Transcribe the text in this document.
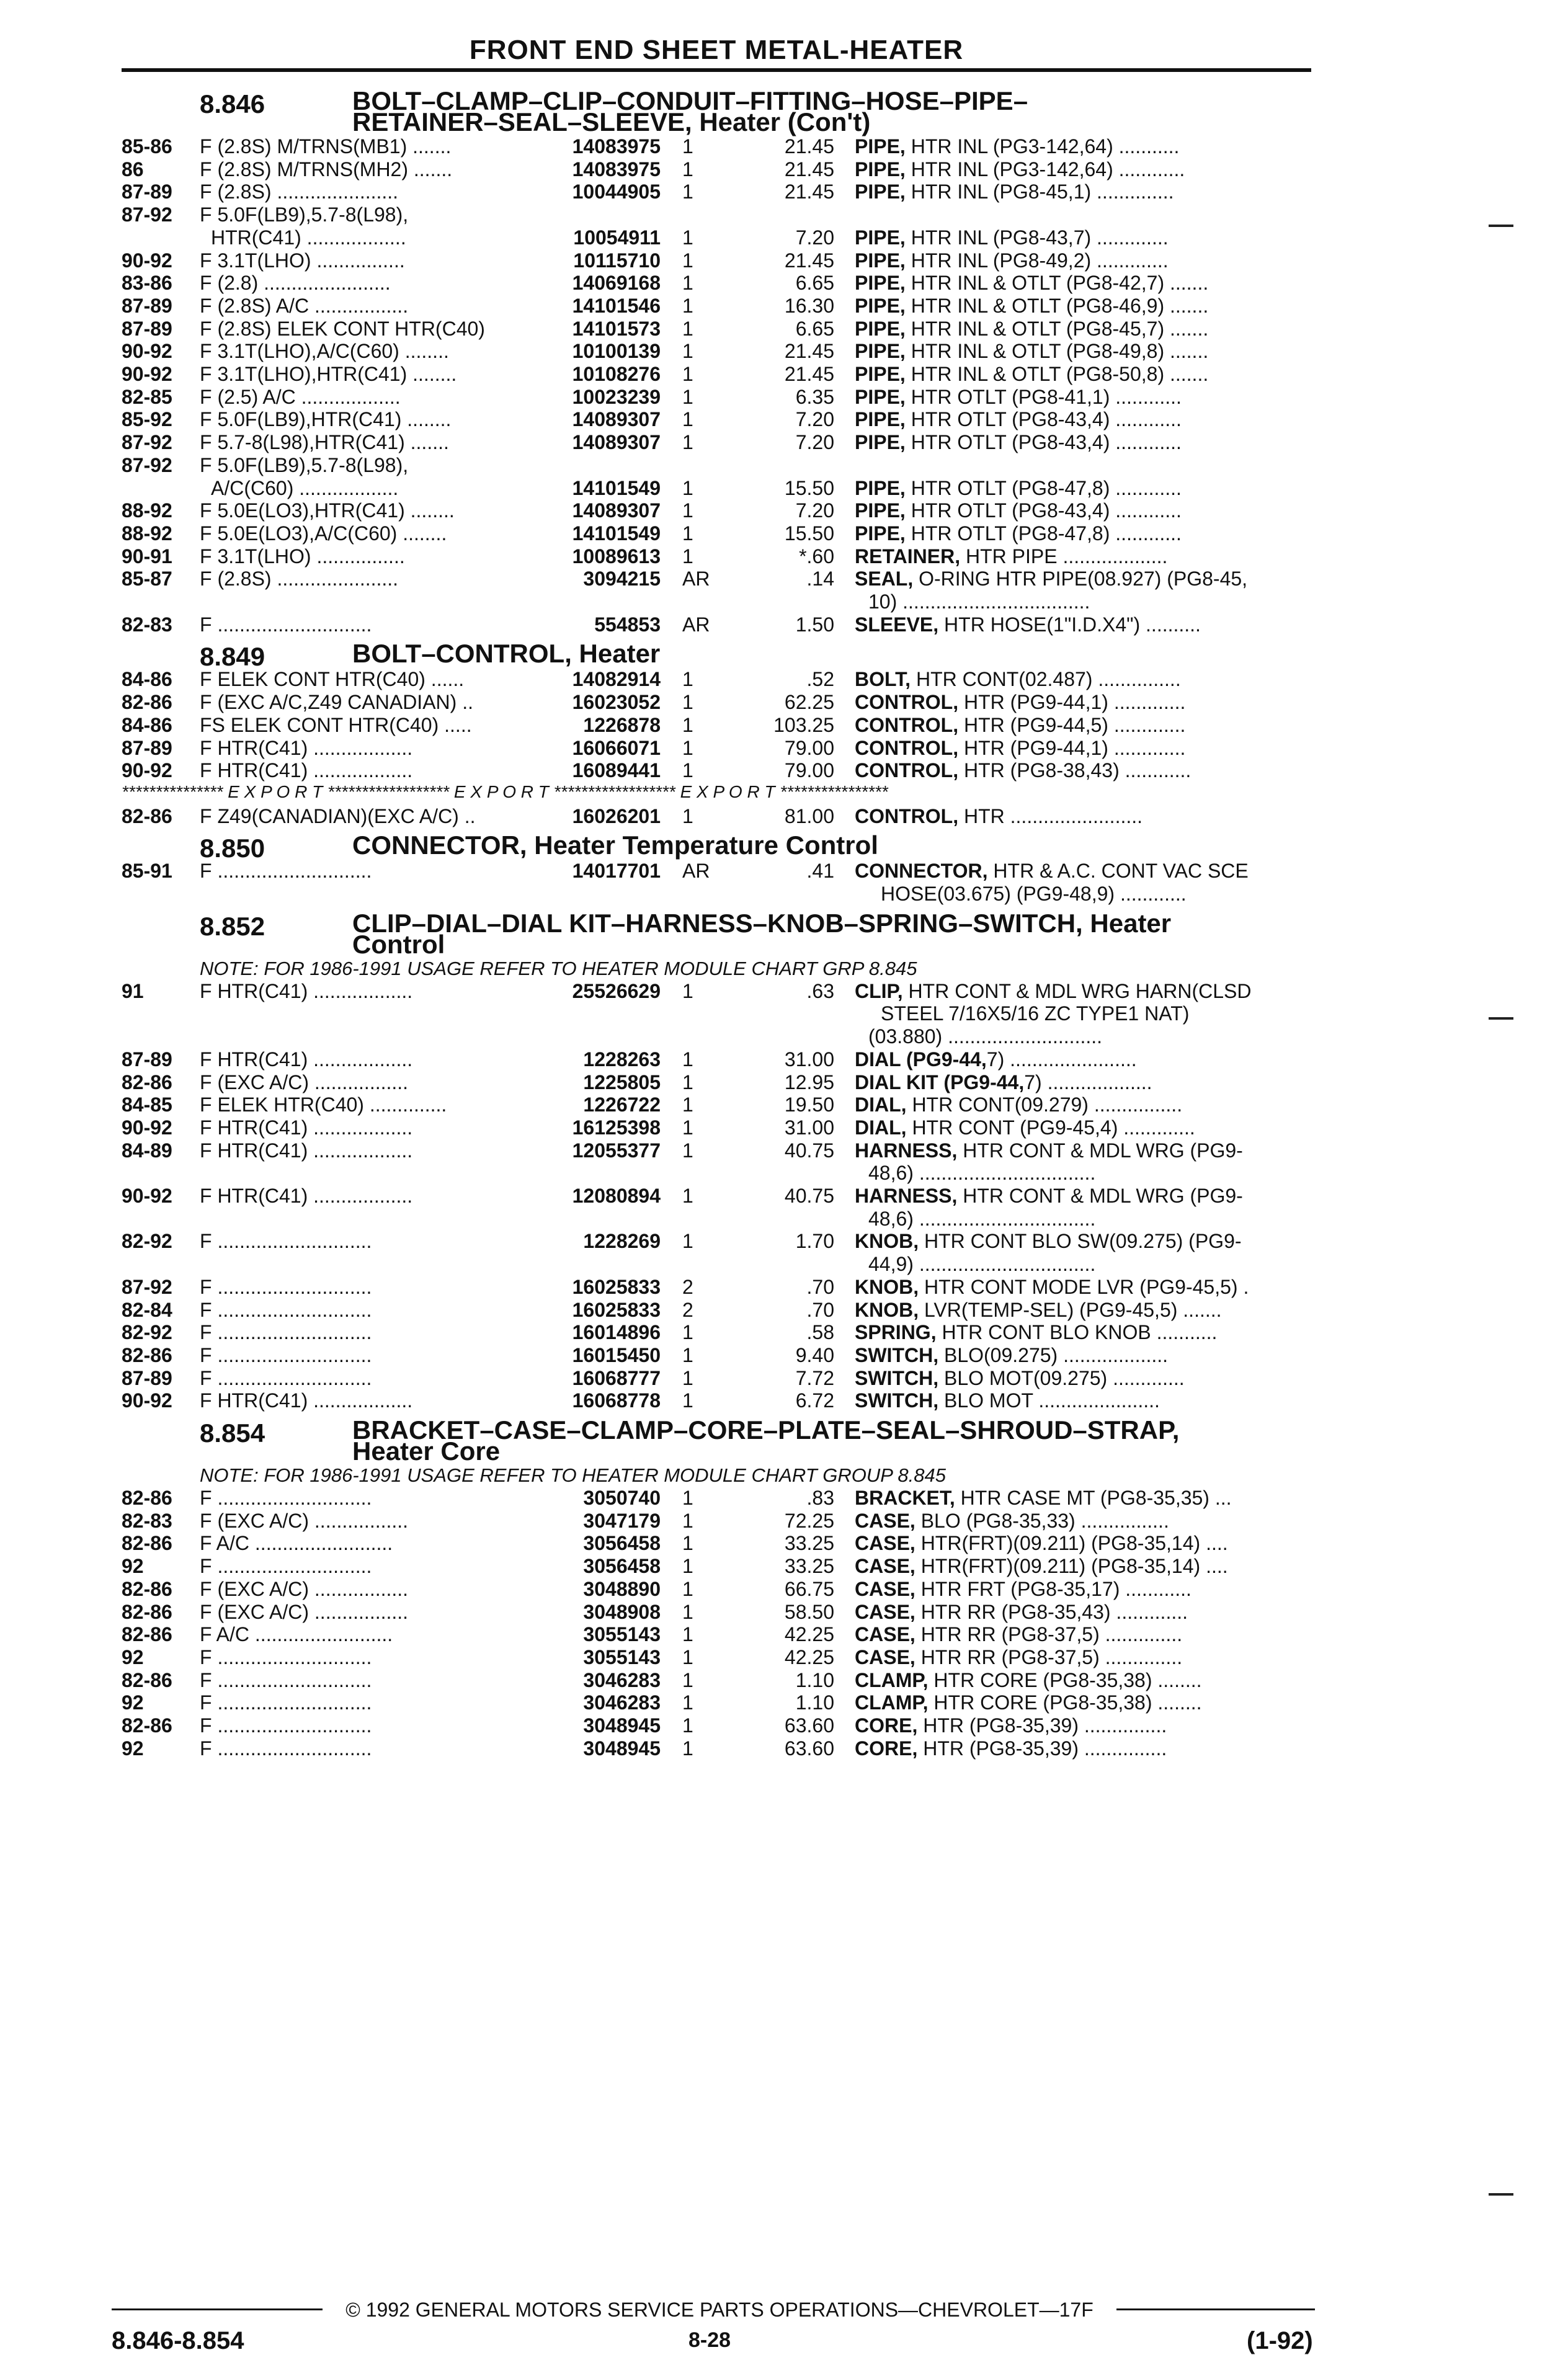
FRONT END SHEET METAL-HEATER
8.846	BOLT–CLAMP–CLIP–CONDUIT–FITTING–HOSE–PIPE–
RETAINER–SEAL–SLEEVE, Heater (Con't)
85-86 F (2.8S) M/TRNS(MB1) .......	14083975 1	21.45 PIPE, HTR INL (PG3-142,64) ...........
86	F (2.8S) M/TRNS(MH2) .......	14083975 1	21.45 PIPE, HTR INL (PG3-142,64) ............
87-89 F (2.8S) ......................	10044905 1	21.45 PIPE, HTR INL (PG8-45,1) ..............
87-92 F 5.0F(LB9),5.7-8(L98),
HTR(C41) ..................	10054911 1	7.20 PIPE, HTR INL (PG8-43,7) .............
90-92 F 3.1T(LHO) ................	10115710 1	21.45 PIPE, HTR INL (PG8-49,2) .............
83-86 F (2.8) .......................	14069168 1	6.65 PIPE, HTR INL & OTLT (PG8-42,7) .......
87-89 F (2.8S) A/C .................	14101546 1	16.30 PIPE, HTR INL & OTLT (PG8-46,9) .......
87-89 F (2.8S) ELEK CONT HTR(C40)	14101573 1	6.65 PIPE, HTR INL & OTLT (PG8-45,7) .......
90-92 F 3.1T(LHO),A/C(C60) ........	10100139 1	21.45 PIPE, HTR INL & OTLT (PG8-49,8) .......
90-92 F 3.1T(LHO),HTR(C41) ........	10108276 1	21.45 PIPE, HTR INL & OTLT (PG8-50,8) .......
82-85 F (2.5) A/C ..................	10023239 1	6.35 PIPE, HTR OTLT (PG8-41,1) ............
85-92 F 5.0F(LB9),HTR(C41) ........	14089307 1	7.20 PIPE, HTR OTLT (PG8-43,4) ............
87-92 F 5.7-8(L98),HTR(C41) .......	14089307 1	7.20 PIPE, HTR OTLT (PG8-43,4) ............
87-92 F 5.0F(LB9),5.7-8(L98),
A/C(C60) ..................	14101549 1	15.50 PIPE, HTR OTLT (PG8-47,8) ............
88-92 F 5.0E(LO3),HTR(C41) ........	14089307 1	7.20 PIPE, HTR OTLT (PG8-43,4) ............
88-92 F 5.0E(LO3),A/C(C60) ........	14101549 1	15.50 PIPE, HTR OTLT (PG8-47,8) ............
90-91 F 3.1T(LHO) ................	10089613 1	*.60 RETAINER, HTR PIPE ...................
85-87 F (2.8S) ......................	3094215 AR	.14 SEAL, O-RING HTR PIPE(08.927) (PG8-45,
10) ..................................
82-83 F ............................	554853 AR	1.50 SLEEVE, HTR HOSE(1"I.D.X4") ..........
8.849	BOLT–CONTROL, Heater
84-86 F ELEK CONT HTR(C40) ......	14082914 1	.52 BOLT, HTR CONT(02.487) ...............
82-86 F (EXC A/C,Z49 CANADIAN) ..	16023052 1	62.25 CONTROL, HTR (PG9-44,1) .............
84-86 FS ELEK CONT HTR(C40) .....	1226878 1	103.25 CONTROL, HTR (PG9-44,5) .............
87-89 F HTR(C41) ..................	16066071 1	79.00 CONTROL, HTR (PG9-44,1) .............
90-92 F HTR(C41) ..................	16089441 1	79.00 CONTROL, HTR (PG8-38,43) ............
*************** E X P O R T ****************** E X P O R T ****************** E X P O R T ****************
82-86 F Z49(CANADIAN)(EXC A/C) ..	16026201 1	81.00 CONTROL, HTR ........................
8.850	CONNECTOR, Heater Temperature Control
85-91 F ............................	14017701 AR	.41 CONNECTOR, HTR & A.C. CONT VAC SCE
HOSE(03.675) (PG9-48,9) ............
8.852	CLIP–DIAL–DIAL KIT–HARNESS–KNOB–SPRING–SWITCH, Heater
Control
NOTE: FOR 1986-1991 USAGE REFER TO HEATER MODULE CHART GRP 8.845
91	F HTR(C41) ..................	25526629 1	.63 CLIP, HTR CONT & MDL WRG HARN(CLSD
STEEL 7/16X5/16 ZC TYPE1 NAT)
(03.880) ............................
87-89 F HTR(C41) ..................	1228263 1	31.00 DIAL (PG9-44,7) .......................
82-86 F (EXC A/C) .................	1225805 1	12.95 DIAL KIT (PG9-44,7) ...................
84-85 F ELEK HTR(C40) ..............	1226722 1	19.50 DIAL, HTR CONT(09.279) ................
90-92 F HTR(C41) ..................	16125398 1	31.00 DIAL, HTR CONT (PG9-45,4) .............
84-89 F HTR(C41) ..................	12055377 1	40.75 HARNESS, HTR CONT & MDL WRG (PG9-
48,6) ................................
90-92 F HTR(C41) ..................	12080894 1	40.75 HARNESS, HTR CONT & MDL WRG (PG9-
48,6) ................................
82-92 F ............................	1228269 1	1.70 KNOB, HTR CONT BLO SW(09.275) (PG9-
44,9) ................................
87-92 F ............................	16025833 2	.70 KNOB, HTR CONT MODE LVR (PG9-45,5) .
82-84 F ............................	16025833 2	.70 KNOB, LVR(TEMP-SEL) (PG9-45,5) .......
82-92 F ............................	16014896 1	.58 SPRING, HTR CONT BLO KNOB ...........
82-86 F ............................	16015450 1	9.40 SWITCH, BLO(09.275) ...................
87-89 F ............................	16068777 1	7.72 SWITCH, BLO MOT(09.275) .............
90-92 F HTR(C41) ..................	16068778 1	6.72 SWITCH, BLO MOT ......................
8.854	BRACKET–CASE–CLAMP–CORE–PLATE–SEAL–SHROUD–STRAP,
Heater Core
NOTE: FOR 1986-1991 USAGE REFER TO HEATER MODULE CHART GROUP 8.845
82-86 F ............................	3050740 1	.83 BRACKET, HTR CASE MT (PG8-35,35) ...
82-83 F (EXC A/C) .................	3047179 1	72.25 CASE, BLO (PG8-35,33) ................
82-86 F A/C .........................	3056458 1	33.25 CASE, HTR(FRT)(09.211) (PG8-35,14) ....
92	F ............................	3056458 1	33.25 CASE, HTR(FRT)(09.211) (PG8-35,14) ....
82-86 F (EXC A/C) .................	3048890 1	66.75 CASE, HTR FRT (PG8-35,17) ............
82-86 F (EXC A/C) .................	3048908 1	58.50 CASE, HTR RR (PG8-35,43) .............
82-86 F A/C .........................	3055143 1	42.25 CASE, HTR RR (PG8-37,5) ..............
92	F ............................	3055143 1	42.25 CASE, HTR RR (PG8-37,5) ..............
82-86 F ............................	3046283 1	1.10 CLAMP, HTR CORE (PG8-35,38) ........
92	F ............................	3046283 1	1.10 CLAMP, HTR CORE (PG8-35,38) ........
82-86 F ............................	3048945 1	63.60 CORE, HTR (PG8-35,39) ...............
92	F ............................	3048945 1	63.60 CORE, HTR (PG8-35,39) ...............
© 1992 GENERAL MOTORS SERVICE PARTS OPERATIONS—CHEVROLET—17F
8.846-8.854	8-28	(1-92)
